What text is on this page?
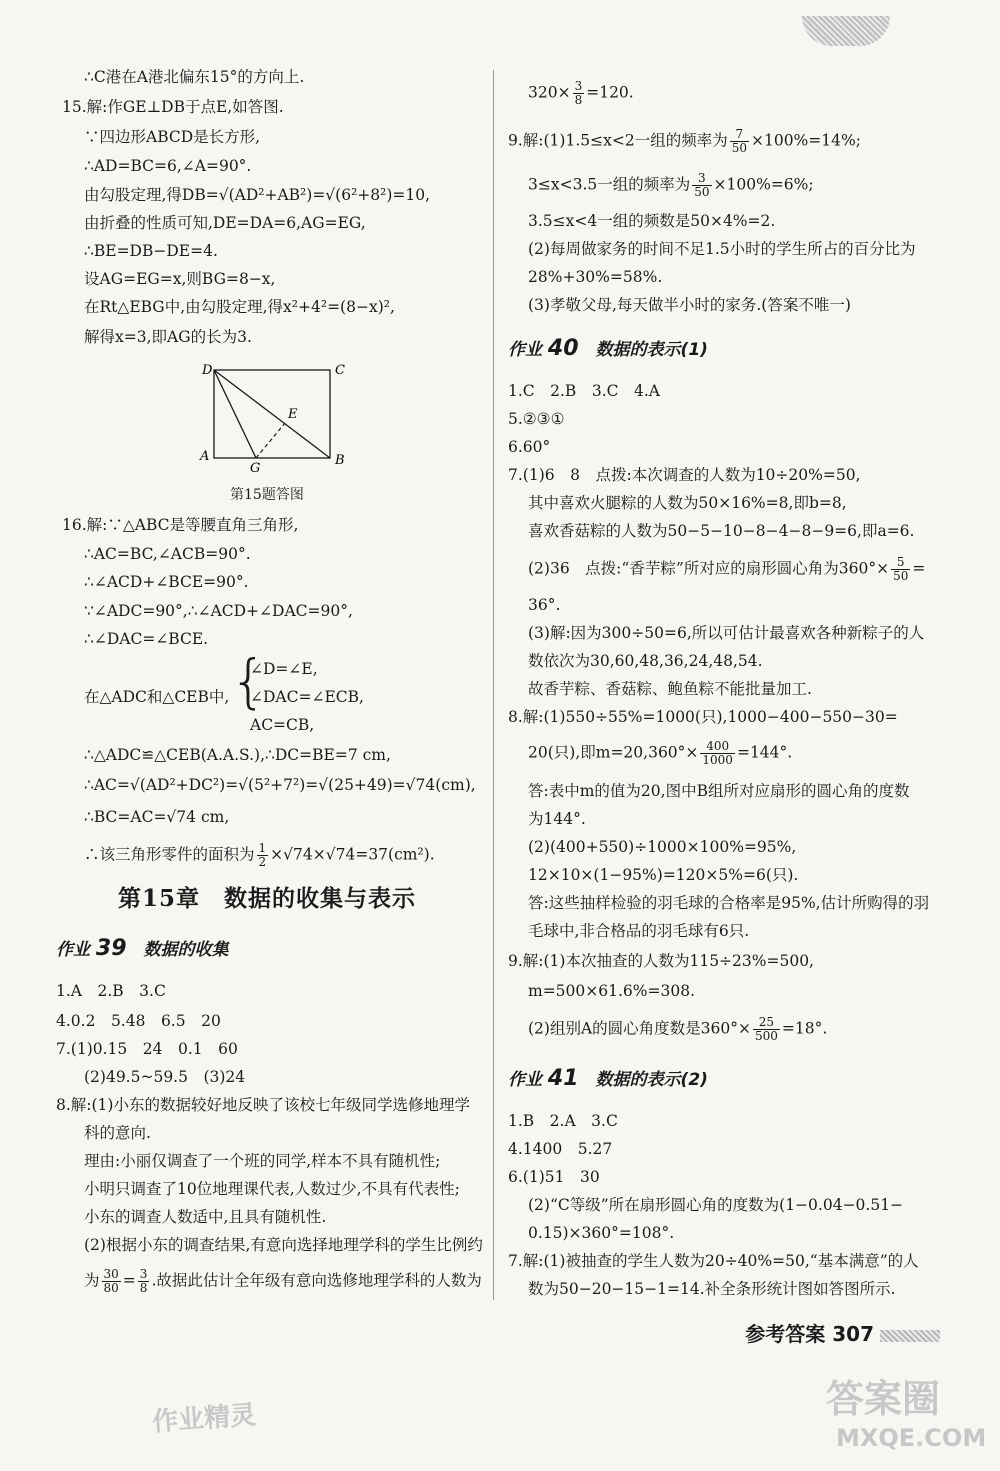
∴C港在A港北偏东15°的方向上.
15.解:作GE⊥DB于点E,如答图.
∵四边形ABCD是长方形,
∴AD=BC=6,∠A=90°.
由勾股定理,得DB=√(AD²+AB²)=√(6²+8²)=10,
由折叠的性质可知,DE=DA=6,AG=EG,
∴BE=DB−DE=4.
设AG=EG=x,则BG=8−x,
在Rt△EBG中,由勾股定理,得x²+4²=(8−x)²,
解得x=3,即AG的长为3.
D	C
A	B
E
G
第15题答图
16.解:∵△ABC是等腰直角三角形,
∴AC=BC,∠ACB=90°.
∴∠ACD+∠BCE=90°.
∵∠ADC=90°,∴∠ACD+∠DAC=90°,
∴∠DAC=∠BCE.
在△ADC和△CEB中, {
∠D=∠E,
∠DAC=∠ECB,
AC=CB,
∴△ADC≌△CEB(A.A.S.),∴DC=BE=7 cm,
∴AC=√(AD²+DC²)=√(5²+7²)=√(25+49)=√74(cm),
∴BC=AC=√74 cm,
∴该三角形零件的面积为 $\frac{1}{2} \times√74\times√74=37(cm^2)$.
第15章　数据的收集与表示
作业 39　 数据的收集
1.A　2.B　3.C
4.0.2　5.48　6.5　20
7.(1)0.15　24　0.1　60
(2)49.5~59.5　(3)24
8.解:(1)小东的数据较好地反映了该校七年级同学选修地理学
科的意向.
理由:小丽仅调查了一个班的同学,样本不具有随机性;
小明只调查了10位地理课代表,人数过少,不具有代表性;
小东的调查人数适中,且具有随机性.
(2)根据小东的调查结果,有意向选择地理学科的学生比例约
为 $\frac{30}{80} = \frac{3}{8}$ .故据此估计全年级有意向选修地理学科的人数为
$320\times \frac{3}{8} =120$.
9.解:(1)1.5≤x<2一组的频率为 $\frac{7}{50} \times 100\%=14\%$;
3≤x<3.5一组的频率为 $\frac{3}{50} \times 100\%=6\%$;
3.5≤x<4一组的频数是50×4%=2.
(2)每周做家务的时间不足1.5小时的学生所占的百分比为
28%+30%=58%.
(3)孝敬父母,每天做半小时的家务.(答案不唯一)
作业 40　 数据的表示(1)
1.C　2.B　3.C　4.A
5.②③①
6.60°
7.(1)6　8　点拨:本次调查的人数为10÷20%=50,
其中喜欢火腿粽的人数为50×16%=8,即b=8,
喜欢香菇粽的人数为50−5−10−8−4−8−9=6,即a=6.
(2)36　点拨:“香芋粽”所对应的扇形圆心角为$360^\circ\times \frac{5}{50}$ =
36°.
(3)解:因为300÷50=6,所以可估计最喜欢各种新粽子的人
数依次为30,60,48,36,24,48,54.
故香芋粽、香菇粽、鲍鱼粽不能批量加工.
8.解:(1)550÷55%=1000(只),1000−400−550−30=
20(只),即$m=20,360^\circ\times \frac{400}{1000} =144^\circ$.
答:表中m的值为20,图中B组所对应扇形的圆心角的度数
为144°.
(2)(400+550)÷1000×100%=95%,
12×10×(1−95%)=120×5%=6(只).
答:这些抽样检验的羽毛球的合格率是95%,估计所购得的羽
毛球中,非合格品的羽毛球有6只.
9.解:(1)本次抽查的人数为115÷23%=500,
m=500×61.6%=308.
(2)组别A的圆心角度数是$360^\circ\times \frac{25}{500} =18^\circ$.
作业 41　 数据的表示(2)
1.B　2.A　3.C
4.1400　5.27
6.(1)51　30
(2)“C等级”所在扇形圆心角的度数为(1−0.04−0.51−
0.15)×360°=108°.
7.解:(1)被抽查的学生人数为20÷40%=50,“基本满意”的人
数为50−20−15−1=14.补全条形统计图如答图所示.
参考答案 307
作业精灵	答案圈
MXQE.COM
